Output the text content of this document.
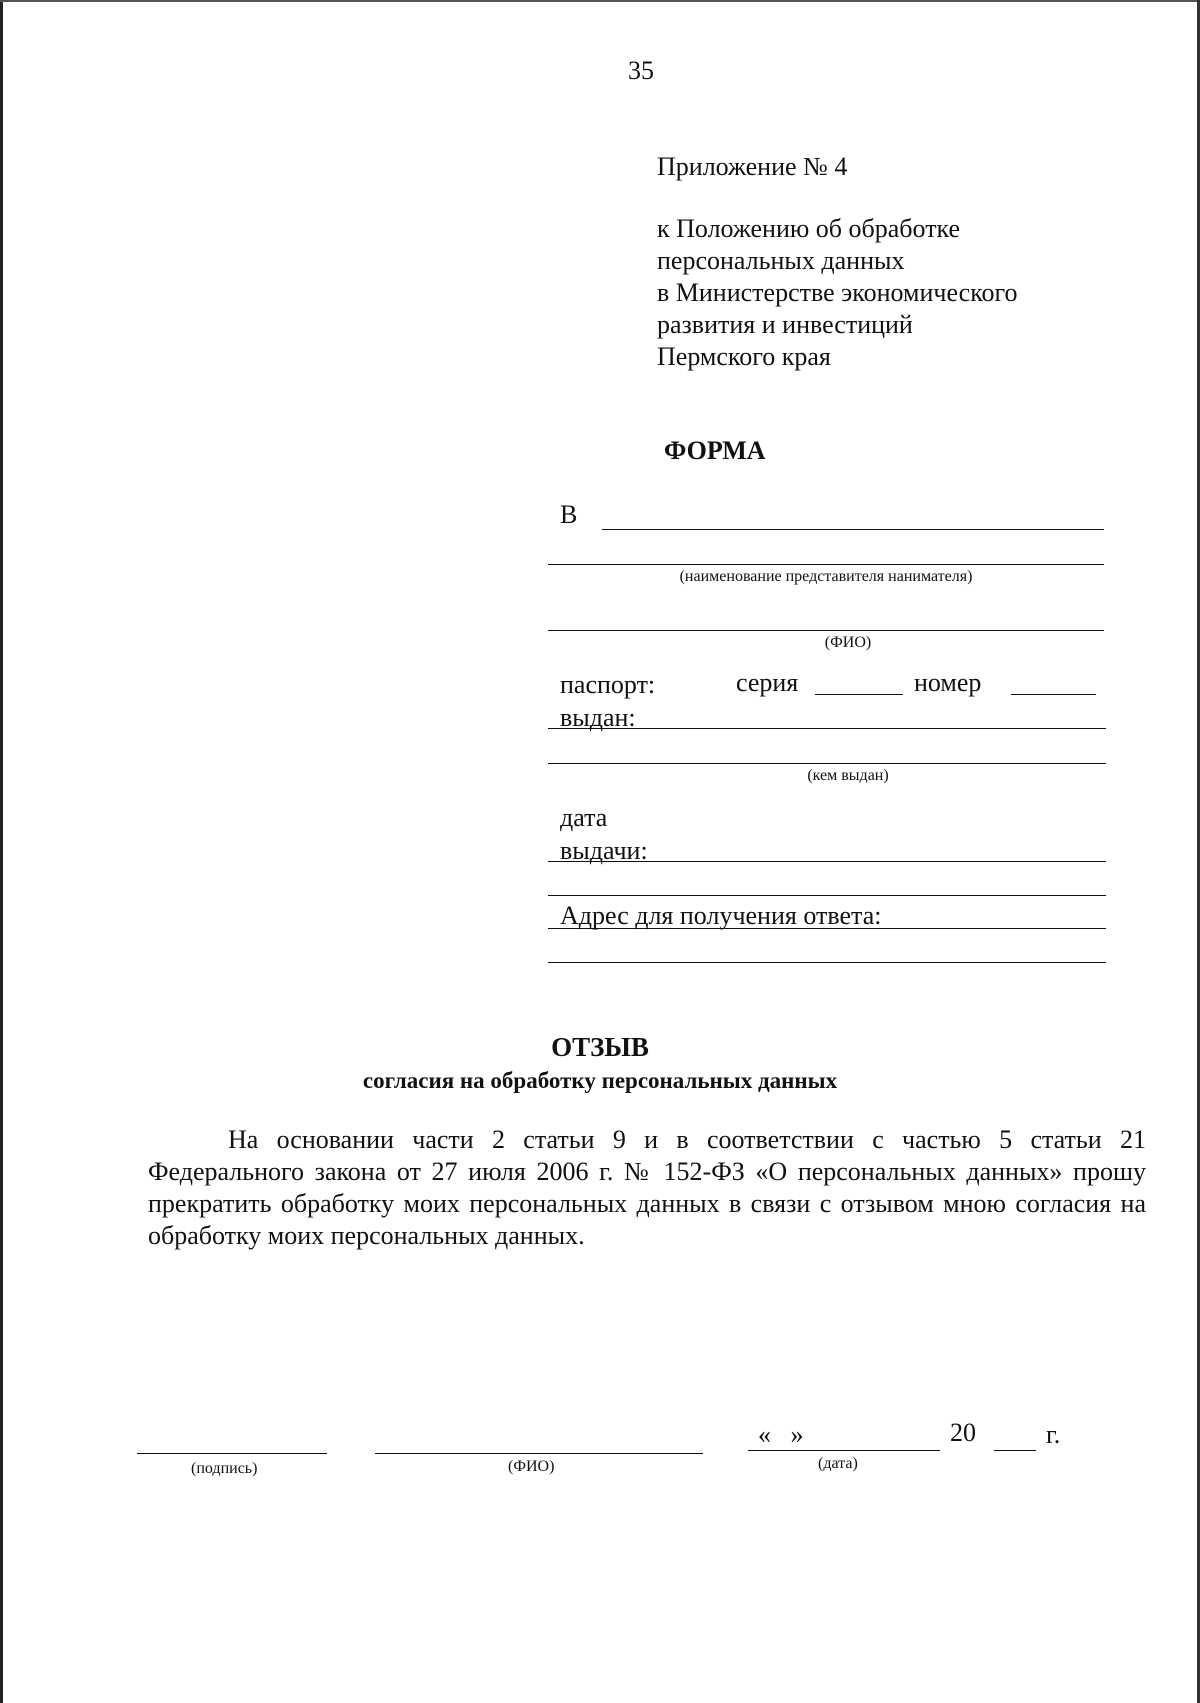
35
Приложение № 4
к Положению об обработке
персональных данных
в Министерстве экономического
развития и инвестиций
Пермского края
ФОРМА
В
(наименование представителя нанимателя)
(ФИО)
паспорт:	серия	номер
выдан:
(кем выдан)
дата
выдачи:
Адрес для получения ответа:
ОТЗЫВ
согласия на обработку персональных данных
На основании части 2 статьи 9 и в соответствии с частью 5 статьи 21 Федерального закона от 27 июля 2006 г. № 152-ФЗ «О персональных данных» прошу прекратить обработку моих персональных данных в связи с отзывом мною согласия на обработку моих персональных данных.
(подпись)	(ФИО)
«   »	20	г.
(дата)
